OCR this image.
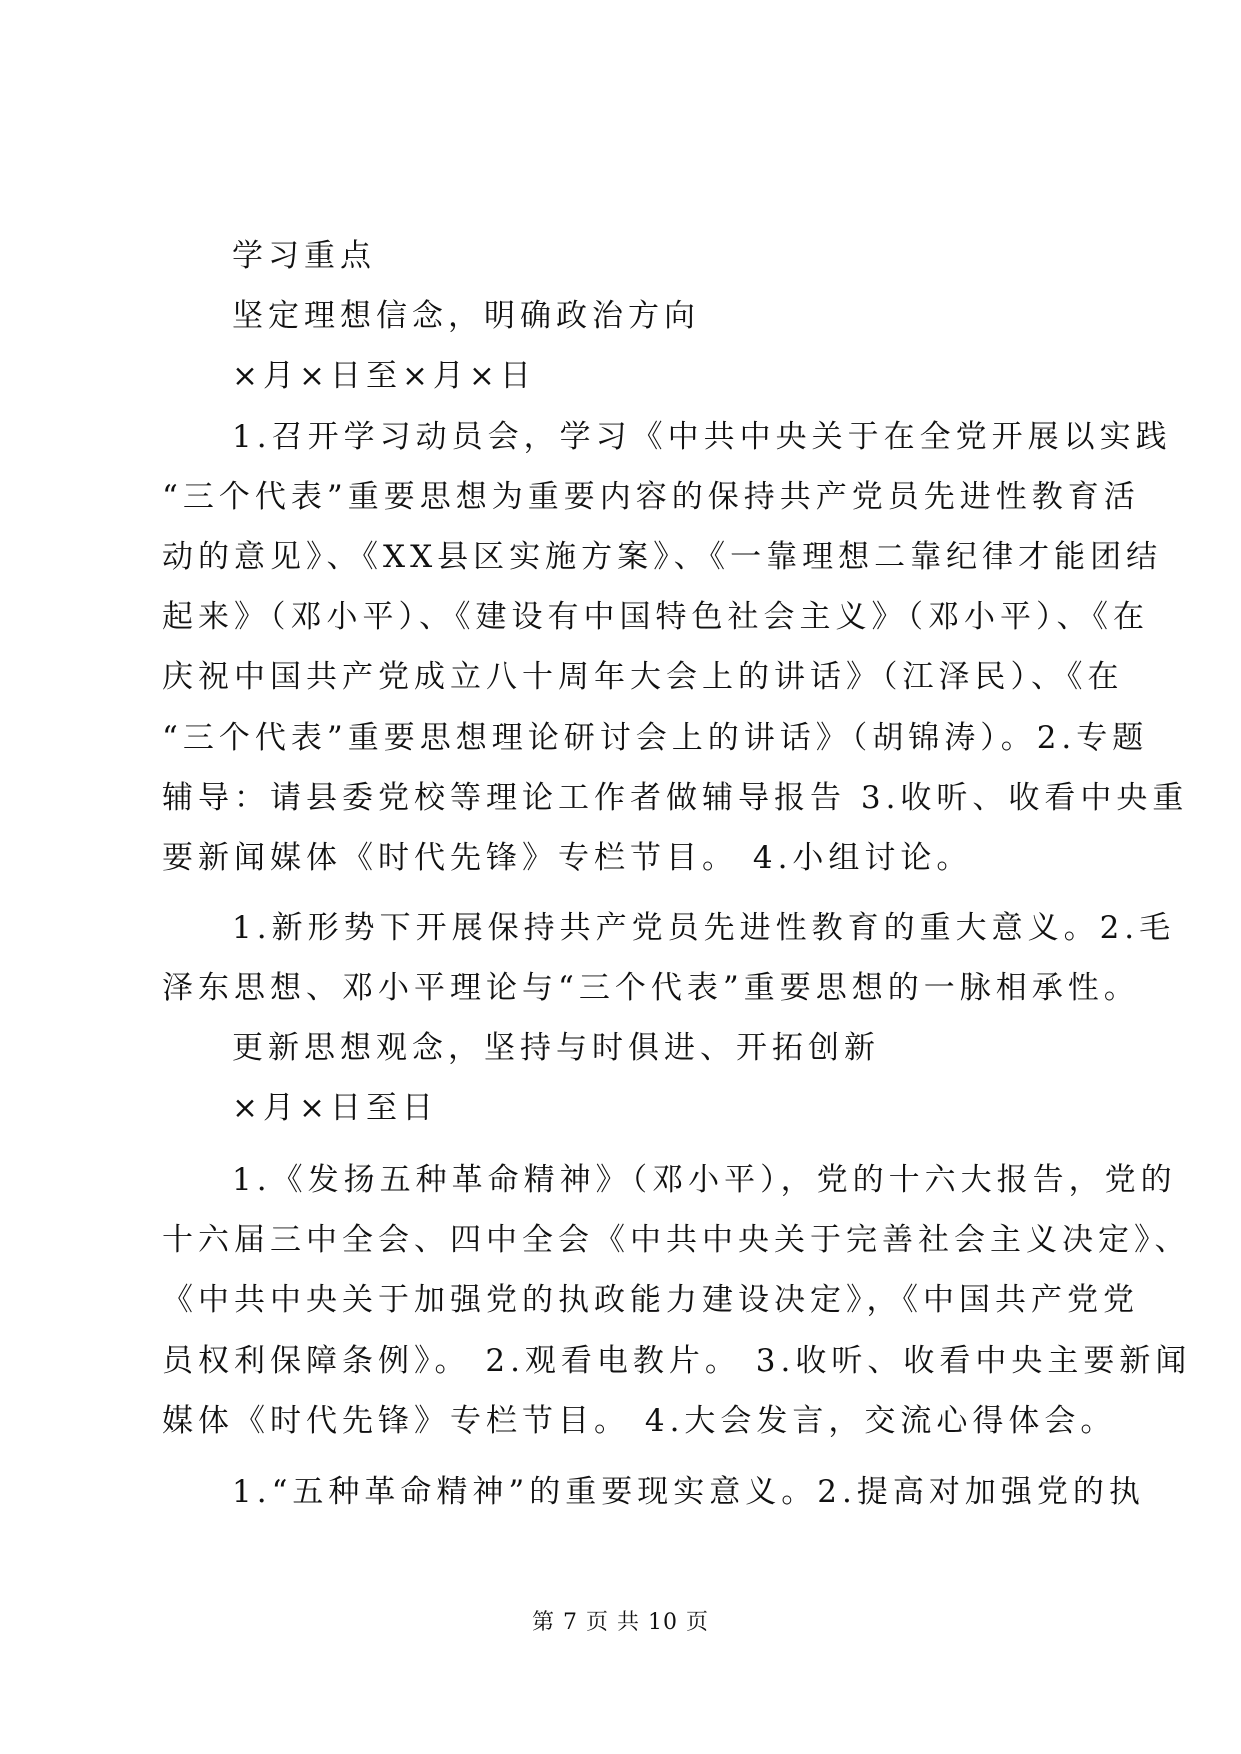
学习重点
坚定理想信念，明确政治方向
×月×日至×月×日
1.召开学习动员会，学习《中共中央关于在全党开展以实践
“三个代表”重要思想为重要内容的保持共产党员先进性教育活
动的意见》、《XX县区实施方案》、《一靠理想二靠纪律才能团结
起来》（邓小平）、《建设有中国特色社会主义》（邓小平）、《在
庆祝中国共产党成立八十周年大会上的讲话》（江泽民）、《在
“三个代表”重要思想理论研讨会上的讲话》（胡锦涛）。2.专题
辅导：请县委党校等理论工作者做辅导报告 3.收听、收看中央重
要新闻媒体《时代先锋》专栏节目。 4.小组讨论。
1.新形势下开展保持共产党员先进性教育的重大意义。2.毛
泽东思想、邓小平理论与“三个代表”重要思想的一脉相承性。
更新思想观念，坚持与时俱进、开拓创新
×月×日至日
1.《发扬五种革命精神》（邓小平），党的十六大报告，党的
十六届三中全会、四中全会《中共中央关于完善社会主义决定》、
《中共中央关于加强党的执政能力建设决定》，《中国共产党党
员权利保障条例》。 2.观看电教片。 3.收听、收看中央主要新闻
媒体《时代先锋》专栏节目。 4.大会发言，交流心得体会。
1.“五种革命精神”的重要现实意义。2.提高对加强党的执
第 7 页 共 10 页
